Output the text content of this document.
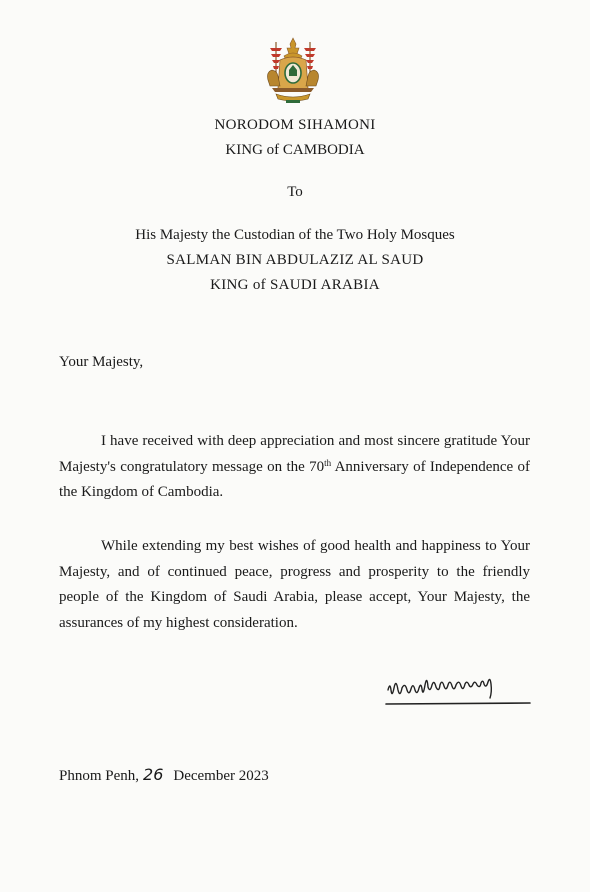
NORODOM SIHAMONI
KING of CAMBODIA
To
His Majesty the Custodian of the Two Holy Mosques
SALMAN BIN ABDULAZIZ AL SAUD
KING of SAUDI ARABIA
Your Majesty,

I have received with deep appreciation and most sincere gratitude Your Majesty's congratulatory message on the 70th Anniversary of Independence of the Kingdom of Cambodia.

While extending my best wishes of good health and happiness to Your Majesty, and of continued peace, progress and prosperity to the friendly people of the Kingdom of Saudi Arabia, please accept, Your Majesty, the assurances of my highest consideration.

Phnom Penh, 26 December 2023
